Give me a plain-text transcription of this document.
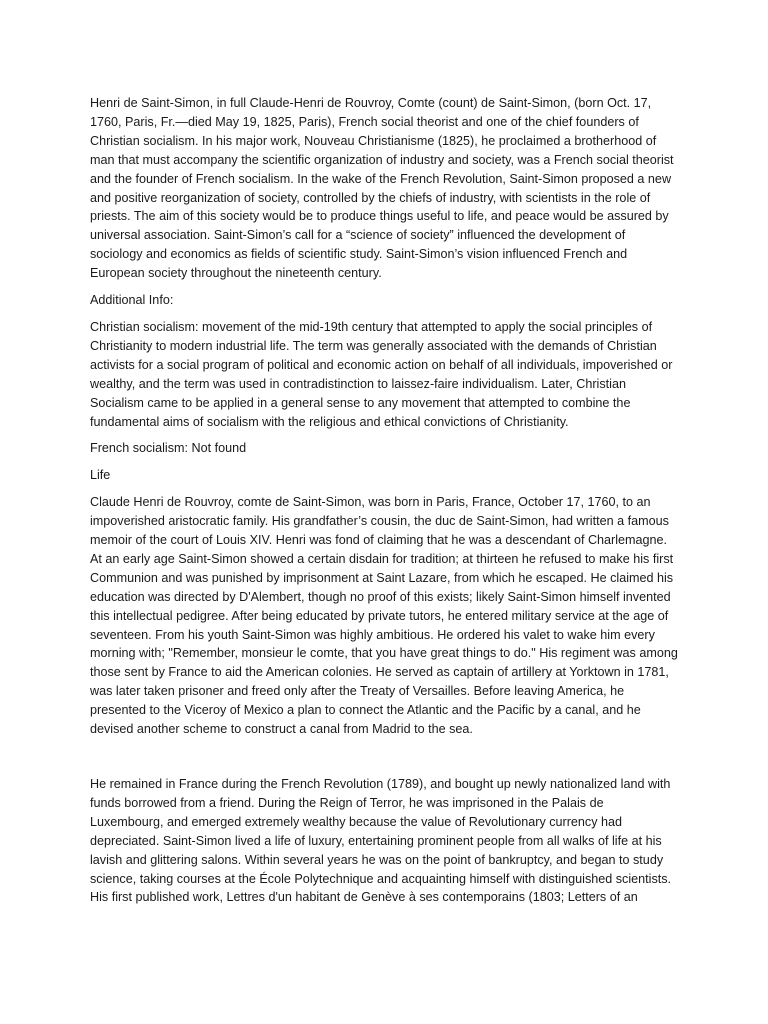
Henri de Saint-Simon, in full Claude-Henri de Rouvroy, Comte (count) de Saint-Simon, (born Oct. 17, 1760, Paris, Fr.—died May 19, 1825, Paris), French social theorist and one of the chief founders of Christian socialism. In his major work, Nouveau Christianisme (1825), he proclaimed a brotherhood of man that must accompany the scientific organization of industry and society, was a French social theorist and the founder of French socialism. In the wake of the French Revolution, Saint-Simon proposed a new and positive reorganization of society, controlled by the chiefs of industry, with scientists in the role of priests. The aim of this society would be to produce things useful to life, and peace would be assured by universal association. Saint-Simon’s call for a “science of society” influenced the development of sociology and economics as fields of scientific study. Saint-Simon’s vision influenced French and European society throughout the nineteenth century.

Additional Info:

Christian socialism: movement of the mid-19th century that attempted to apply the social principles of Christianity to modern industrial life. The term was generally associated with the demands of Christian activists for a social program of political and economic action on behalf of all individuals, impoverished or wealthy, and the term was used in contradistinction to laissez-faire individualism. Later, Christian Socialism came to be applied in a general sense to any movement that attempted to combine the fundamental aims of socialism with the religious and ethical convictions of Christianity.

French socialism: Not found

Life

Claude Henri de Rouvroy, comte de Saint-Simon, was born in Paris, France, October 17, 1760, to an impoverished aristocratic family. His grandfather’s cousin, the duc de Saint-Simon, had written a famous memoir of the court of Louis XIV. Henri was fond of claiming that he was a descendant of Charlemagne. At an early age Saint-Simon showed a certain disdain for tradition; at thirteen he refused to make his first Communion and was punished by imprisonment at Saint Lazare, from which he escaped. He claimed his education was directed by D'Alembert, though no proof of this exists; likely Saint-Simon himself invented this intellectual pedigree. After being educated by private tutors, he entered military service at the age of seventeen. From his youth Saint-Simon was highly ambitious. He ordered his valet to wake him every morning with; "Remember, monsieur le comte, that you have great things to do." His regiment was among those sent by France to aid the American colonies. He served as captain of artillery at Yorktown in 1781, was later taken prisoner and freed only after the Treaty of Versailles. Before leaving America, he presented to the Viceroy of Mexico a plan to connect the Atlantic and the Pacific by a canal, and he devised another scheme to construct a canal from Madrid to the sea.

He remained in France during the French Revolution (1789), and bought up newly nationalized land with funds borrowed from a friend. During the Reign of Terror, he was imprisoned in the Palais de Luxembourg, and emerged extremely wealthy because the value of Revolutionary currency had depreciated. Saint-Simon lived a life of luxury, entertaining prominent people from all walks of life at his lavish and glittering salons. Within several years he was on the point of bankruptcy, and began to study science, taking courses at the École Polytechnique and acquainting himself with distinguished scientists. His first published work, Lettres d'un habitant de Genève à ses contemporains (1803; Letters of an
